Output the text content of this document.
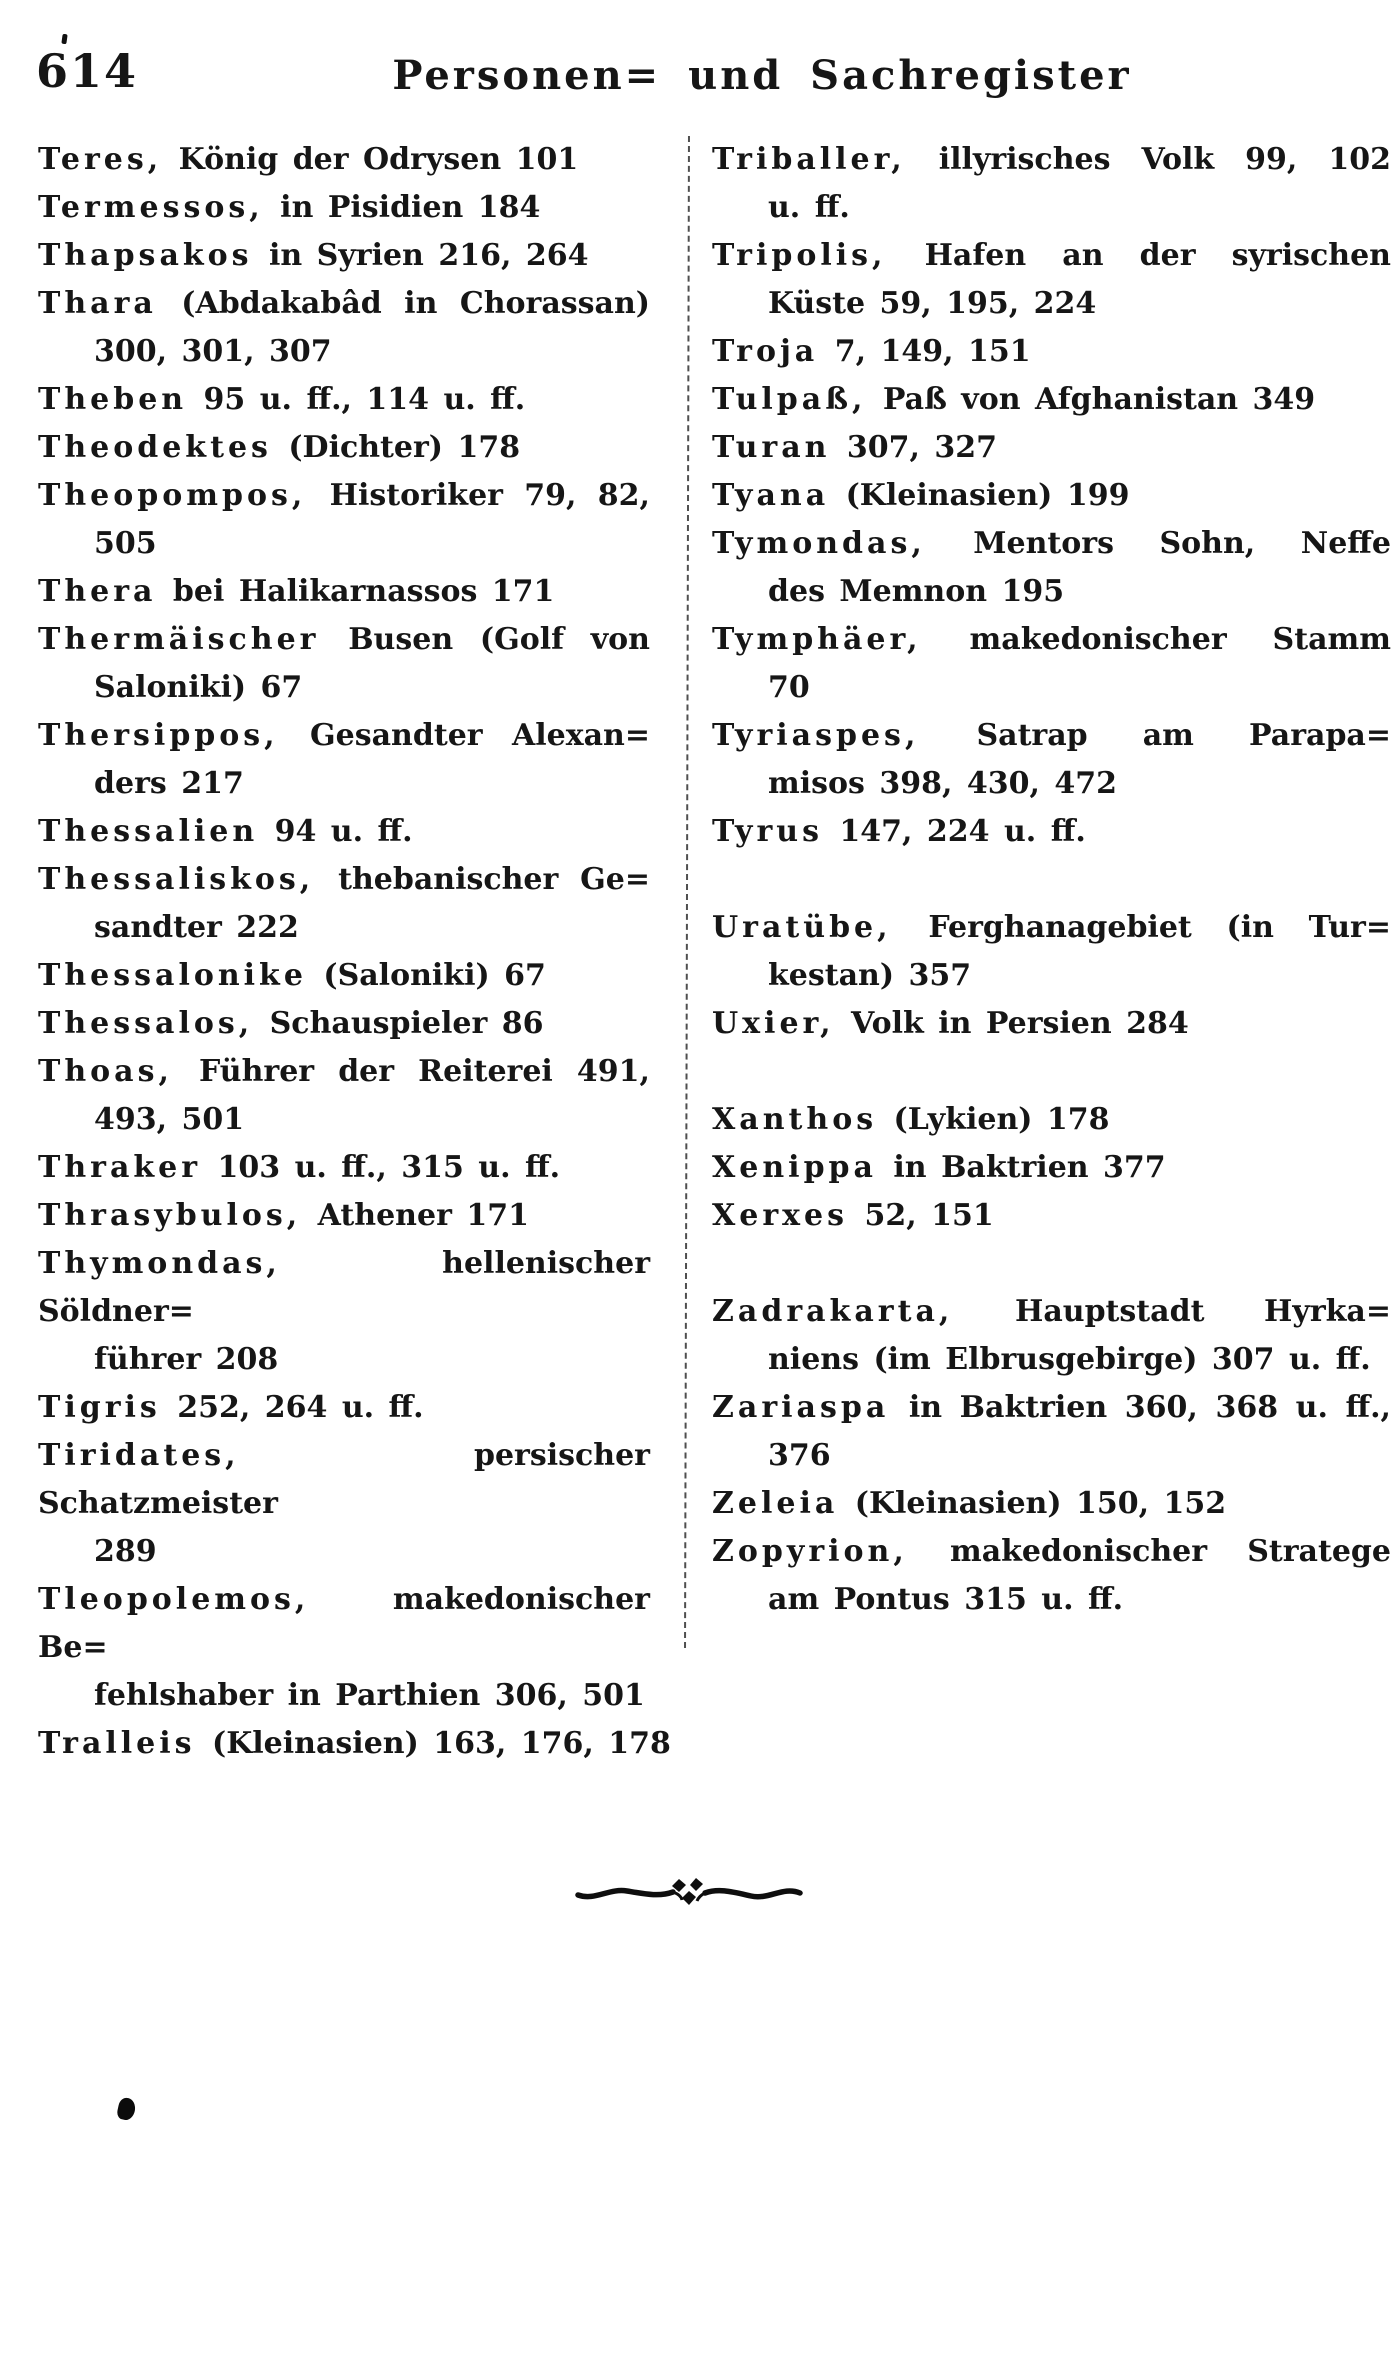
614	Personen= und Sachregister
Teres, König der Odrysen 101
Termessos, in Pisidien 184
Thapsakos in Syrien 216, 264
Thara (Abdakabâd in Chorassan)
300, 301, 307
Theben 95 u. ff., 114 u. ff.
Theodektes (Dichter) 178
Theopompos, Historiker 79, 82,
505
Thera bei Halikarnassos 171
Thermäischer Busen (Golf von
Saloniki) 67
Thersippos, Gesandter Alexan=
ders 217
Thessalien 94 u. ff.
Thessaliskos, thebanischer Ge=
sandter 222
Thessalonike (Saloniki) 67
Thessalos, Schauspieler 86
Thoas, Führer der Reiterei 491,
493, 501
Thraker 103 u. ff., 315 u. ff.
Thrasybulos, Athener 171
Thymondas, hellenischer Söldner=
führer 208
Tigris 252, 264 u. ff.
Tiridates, persischer Schatzmeister
289
Tleopolemos, makedonischer Be=
fehlshaber in Parthien 306, 501
Tralleis (Kleinasien) 163, 176, 178
Triballer, illyrisches Volk 99, 102
u. ff.
Tripolis, Hafen an der syrischen
Küste 59, 195, 224
Troja 7, 149, 151
Tulpaß, Paß von Afghanistan 349
Turan 307, 327
Tyana (Kleinasien) 199
Tymondas, Mentors Sohn, Neffe
des Memnon 195
Tymphäer, makedonischer Stamm
70
Tyriaspes, Satrap am Parapa=
misos 398, 430, 472
Tyrus 147, 224 u. ff.
Uratübe, Ferghanagebiet (in Tur=
kestan) 357
Uxier, Volk in Persien 284
Xanthos (Lykien) 178
Xenippa in Baktrien 377
Xerxes 52, 151
Zadrakarta, Hauptstadt Hyrka=
niens (im Elbrusgebirge) 307 u. ff.
Zariaspa in Baktrien 360, 368 u. ff.,
376
Zeleia (Kleinasien) 150, 152
Zopyrion, makedonischer Stratege
am Pontus 315 u. ff.
